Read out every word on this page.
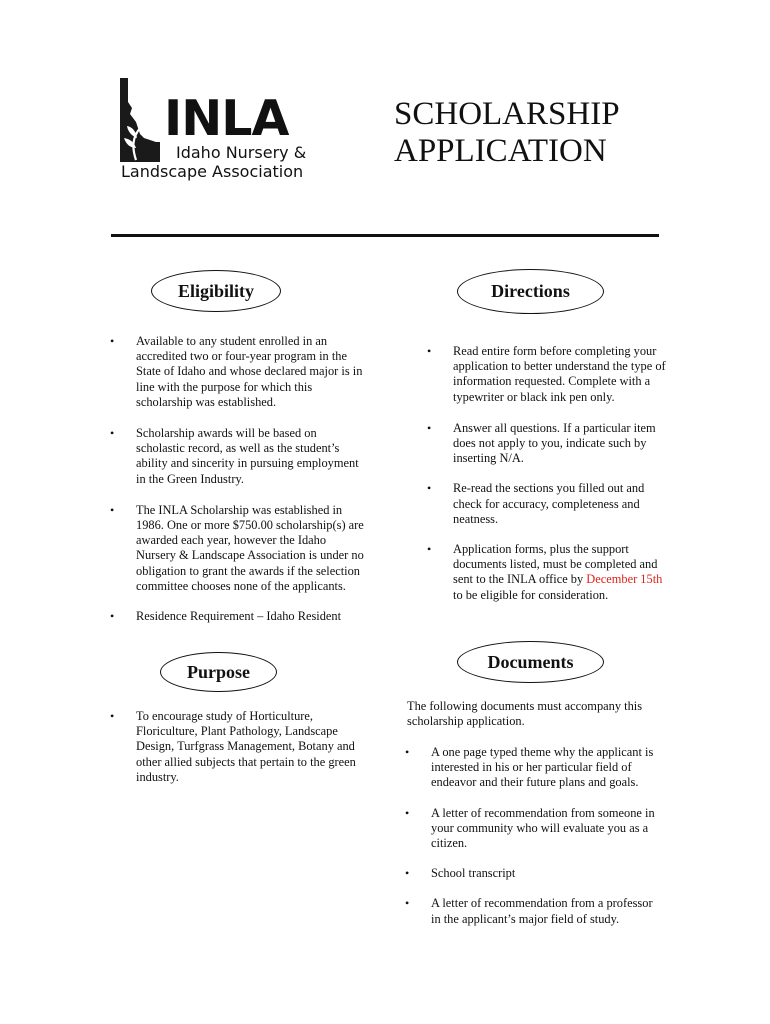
INLA
Idaho Nursery &
Landscape Association
SCHOLARSHIP
APPLICATION
Eligibility
• Available to any student enrolled in an accredited two or four-year program in the State of Idaho and whose declared major is in line with the purpose for which this scholarship was established.
• Scholarship awards will be based on scholastic record, as well as the student’s ability and sincerity in pursuing employment in the Green Industry.
• The INLA Scholarship was established in 1986. One or more $750.00 scholarship(s) are awarded each year, however the Idaho Nursery & Landscape Association is under no obligation to grant the awards if the selection committee chooses none of the applicants.
• Residence Requirement – Idaho Resident
Purpose
• To encourage study of Horticulture, Floriculture, Plant Pathology, Landscape Design, Turfgrass Management, Botany and other allied subjects that pertain to the green industry.
Directions
• Read entire form before completing your application to better understand the type of information requested. Complete with a typewriter or black ink pen only.
• Answer all questions. If a particular item does not apply to you, indicate such by inserting N/A.
• Re-read the sections you filled out and check for accuracy, completeness and neatness.
• Application forms, plus the support documents listed, must be completed and sent to the INLA office by December 15th to be eligible for consideration.
Documents
The following documents must accompany this scholarship application.
• A one page typed theme why the applicant is interested in his or her particular field of endeavor and their future plans and goals.
• A letter of recommendation from someone in your community who will evaluate you as a citizen.
• School transcript
• A letter of recommendation from a professor in the applicant’s major field of study.
